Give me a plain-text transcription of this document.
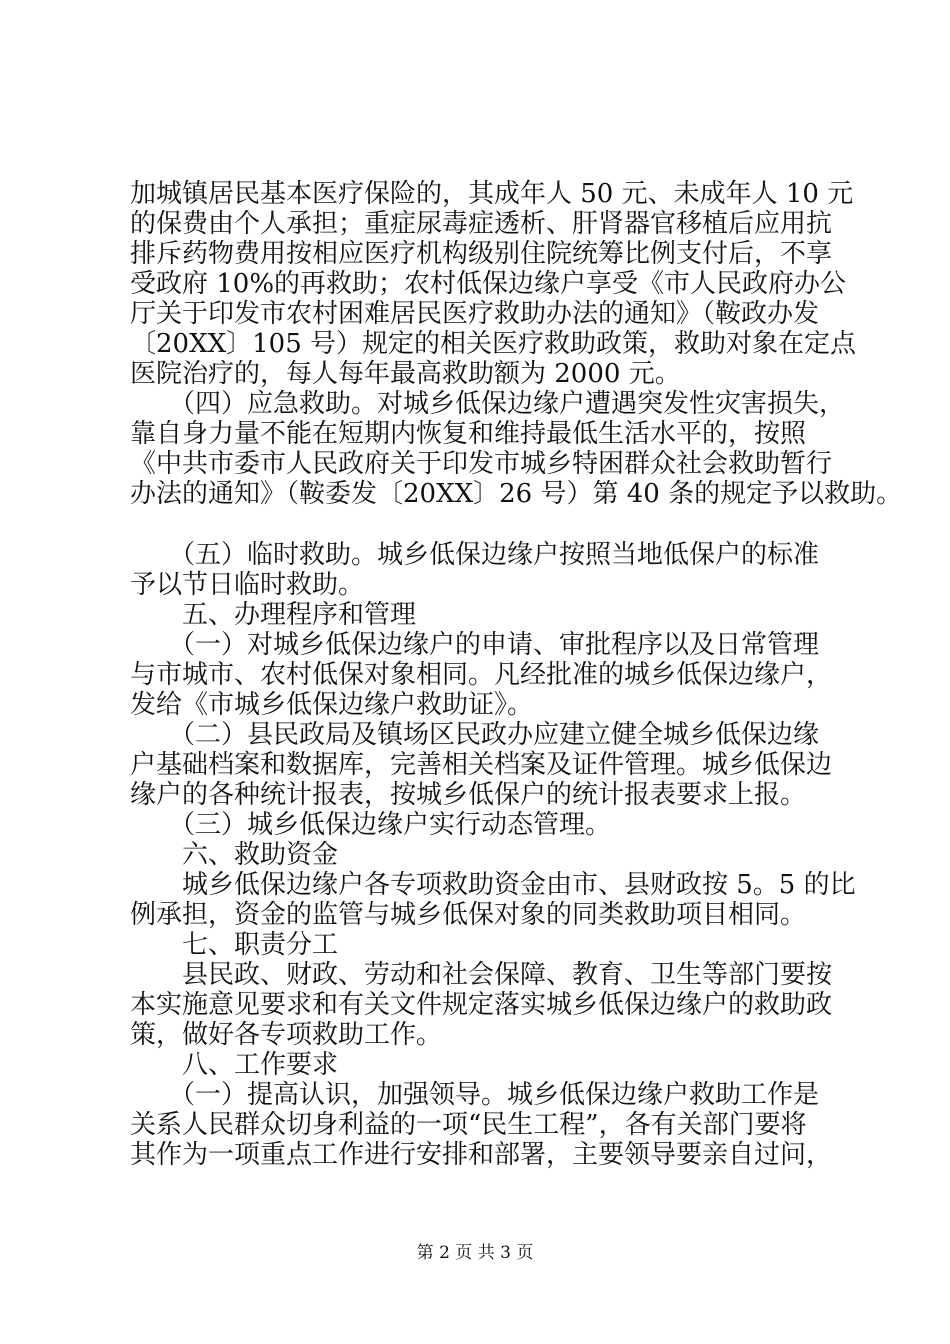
加城镇居民基本医疗保险的，其成年人 50 元、未成年人 10 元
的保费由个人承担；重症尿毒症透析、肝肾器官移植后应用抗
排斥药物费用按相应医疗机构级别住院统筹比例支付后，不享
受政府 10%的再救助；农村低保边缘户享受《市人民政府办公
厅关于印发市农村困难居民医疗救助办法的通知》（鞍政办发
〔20XX〕105 号）规定的相关医疗救助政策，救助对象在定点
医院治疗的，每人每年最高救助额为 2000 元。
　　（四）应急救助。对城乡低保边缘户遭遇突发性灾害损失，
靠自身力量不能在短期内恢复和维持最低生活水平的，按照
《中共市委市人民政府关于印发市城乡特困群众社会救助暂行
办法的通知》（鞍委发〔20XX〕26 号）第 40 条的规定予以救助。
　　（五）临时救助。城乡低保边缘户按照当地低保户的标准
予以节日临时救助。
　　五、办理程序和管理
　　（一）对城乡低保边缘户的申请、审批程序以及日常管理
与市城市、农村低保对象相同。凡经批准的城乡低保边缘户，
发给《市城乡低保边缘户救助证》。
　　（二）县民政局及镇场区民政办应建立健全城乡低保边缘
户基础档案和数据库，完善相关档案及证件管理。城乡低保边
缘户的各种统计报表，按城乡低保户的统计报表要求上报。
　　（三）城乡低保边缘户实行动态管理。
　　六、救助资金
　　城乡低保边缘户各专项救助资金由市、县财政按 5。5 的比
例承担，资金的监管与城乡低保对象的同类救助项目相同。
　　七、职责分工
　　县民政、财政、劳动和社会保障、教育、卫生等部门要按
本实施意见要求和有关文件规定落实城乡低保边缘户的救助政
策，做好各专项救助工作。
　　八、工作要求
　　（一）提高认识，加强领导。城乡低保边缘户救助工作是
关系人民群众切身利益的一项“民生工程”，各有关部门要将
其作为一项重点工作进行安排和部署，主要领导要亲自过问，
第 2 页 共 3 页
